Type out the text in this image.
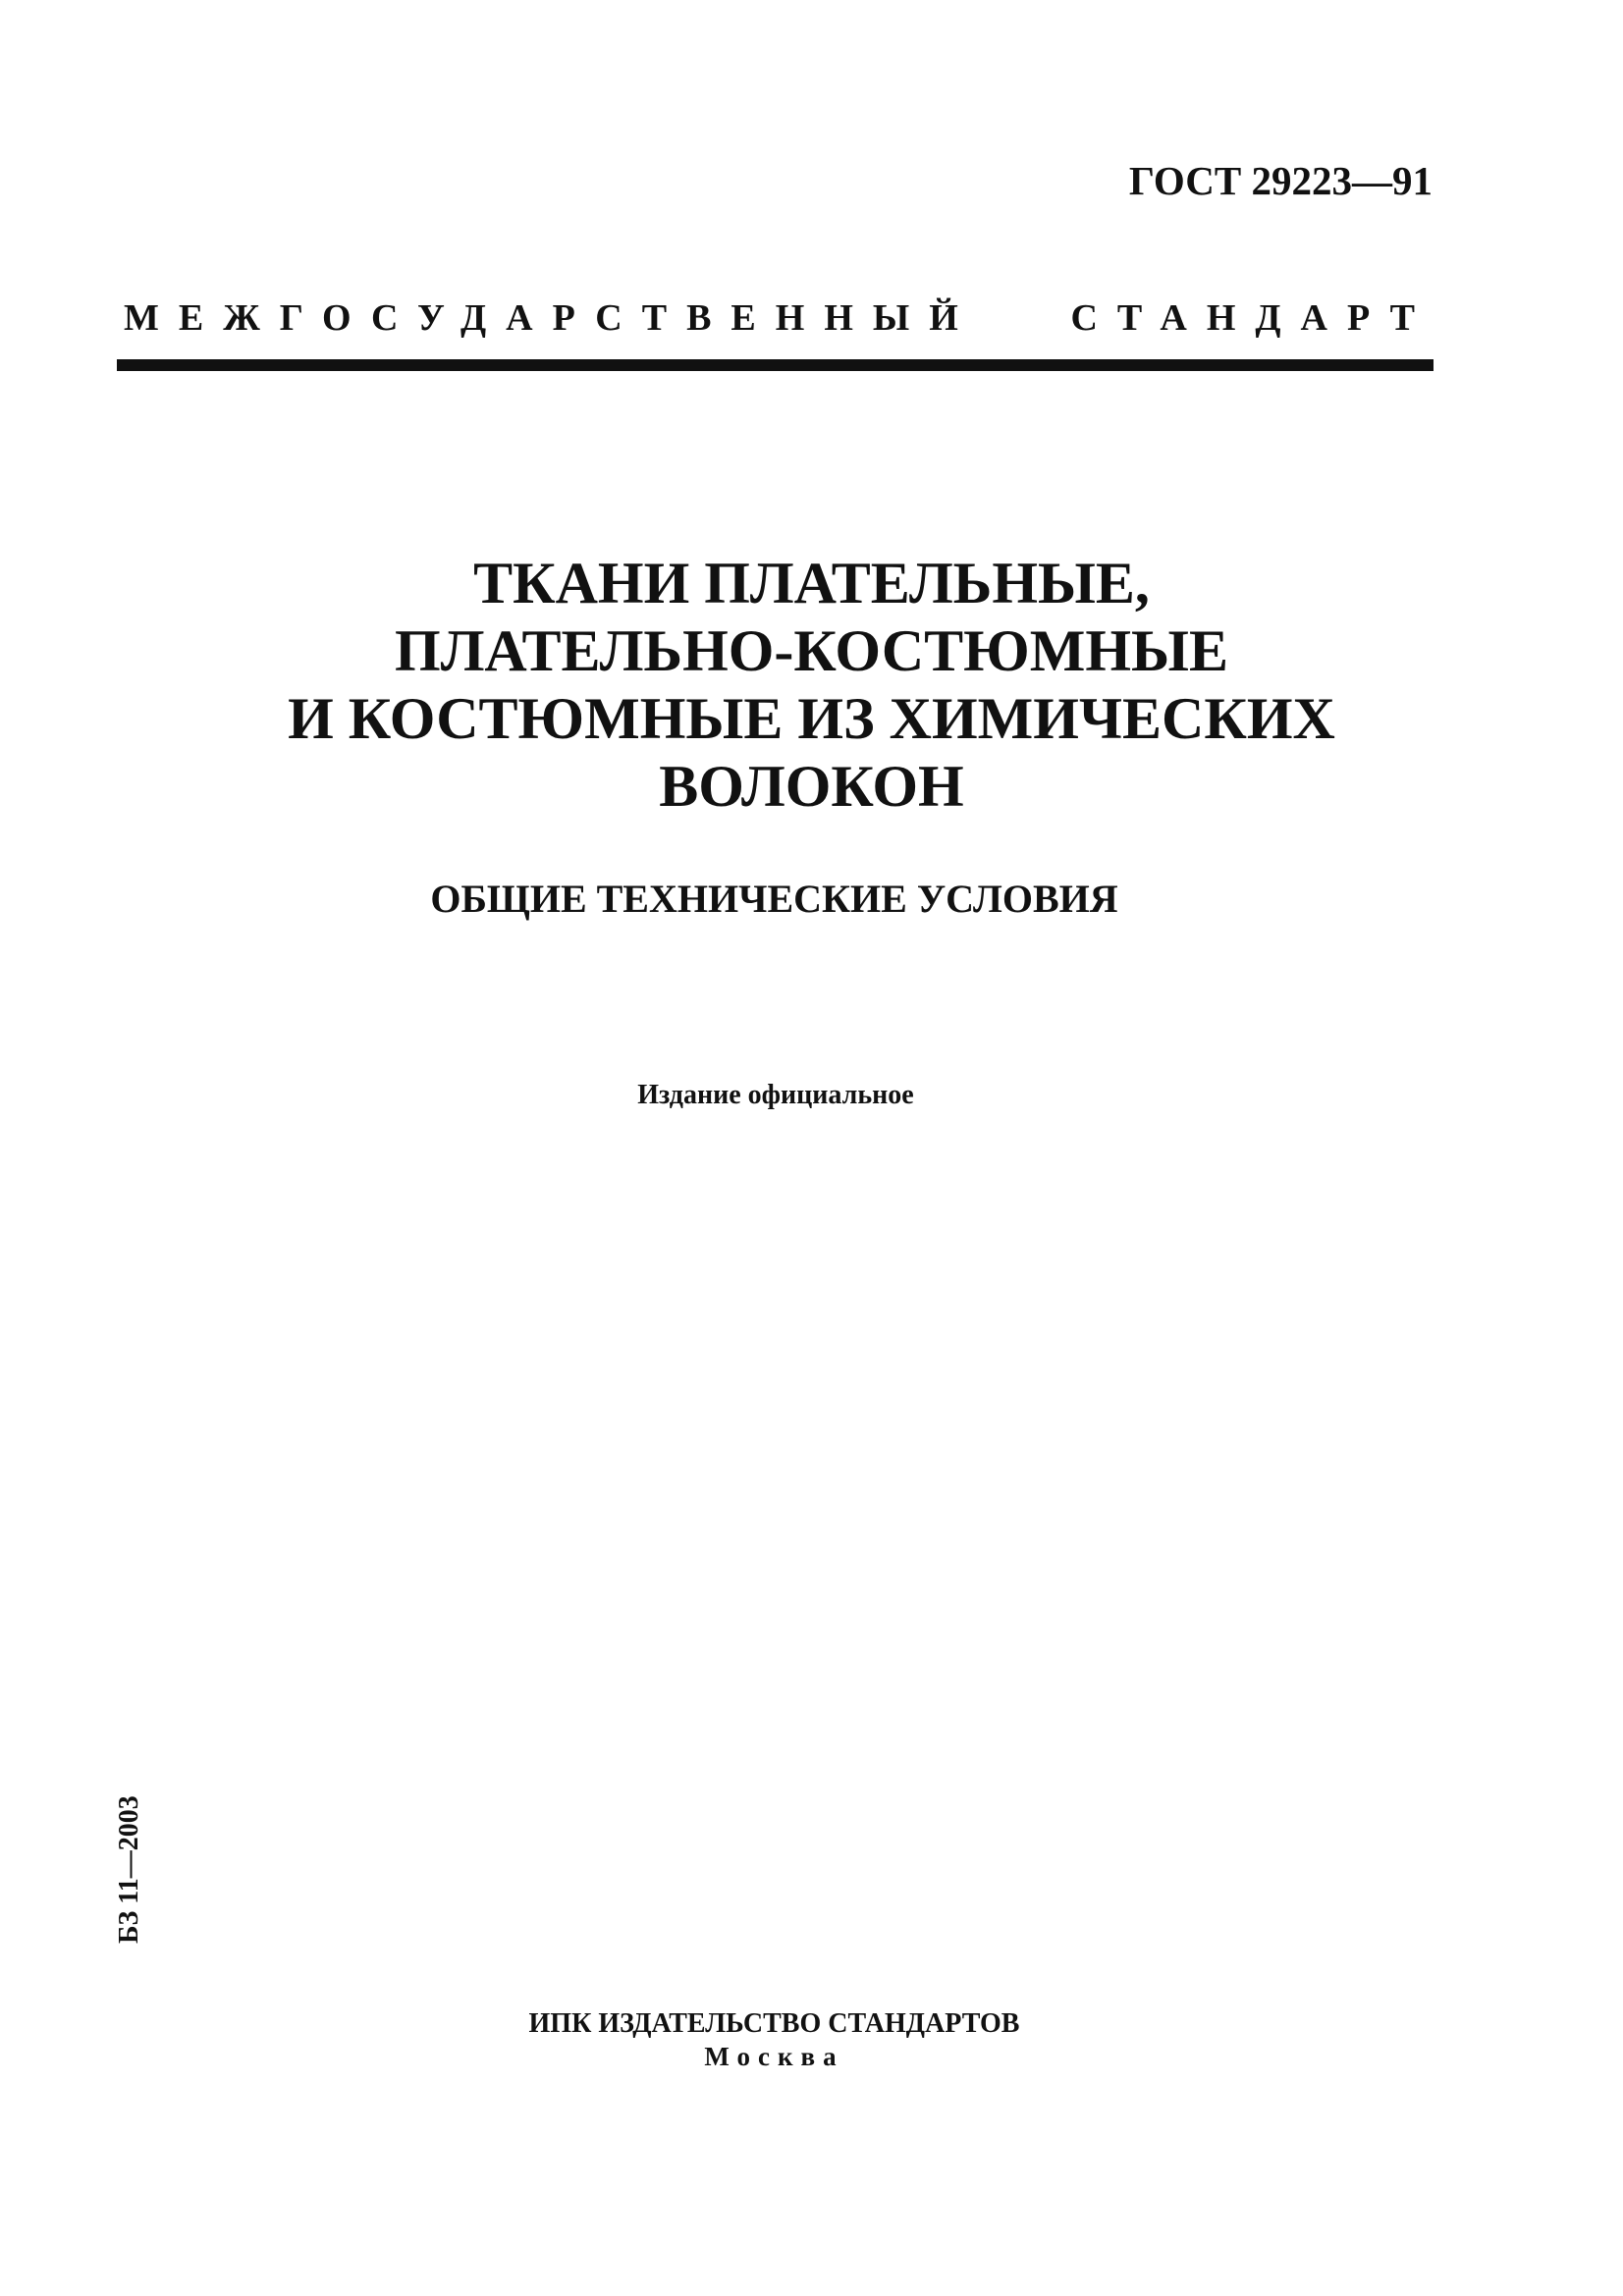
ГОСТ 29223—91
МЕЖГОСУДАРСТВЕННЫЙ СТАНДАРТ
ТКАНИ ПЛАТЕЛЬНЫЕ,
ПЛАТЕЛЬНО-КОСТЮМНЫЕ
И КОСТЮМНЫЕ ИЗ ХИМИЧЕСКИХ
ВОЛОКОН
ОБЩИЕ ТЕХНИЧЕСКИЕ УСЛОВИЯ
Издание официальное
БЗ 11—2003
ИПК ИЗДАТЕЛЬСТВО СТАНДАРТОВ
Москва
